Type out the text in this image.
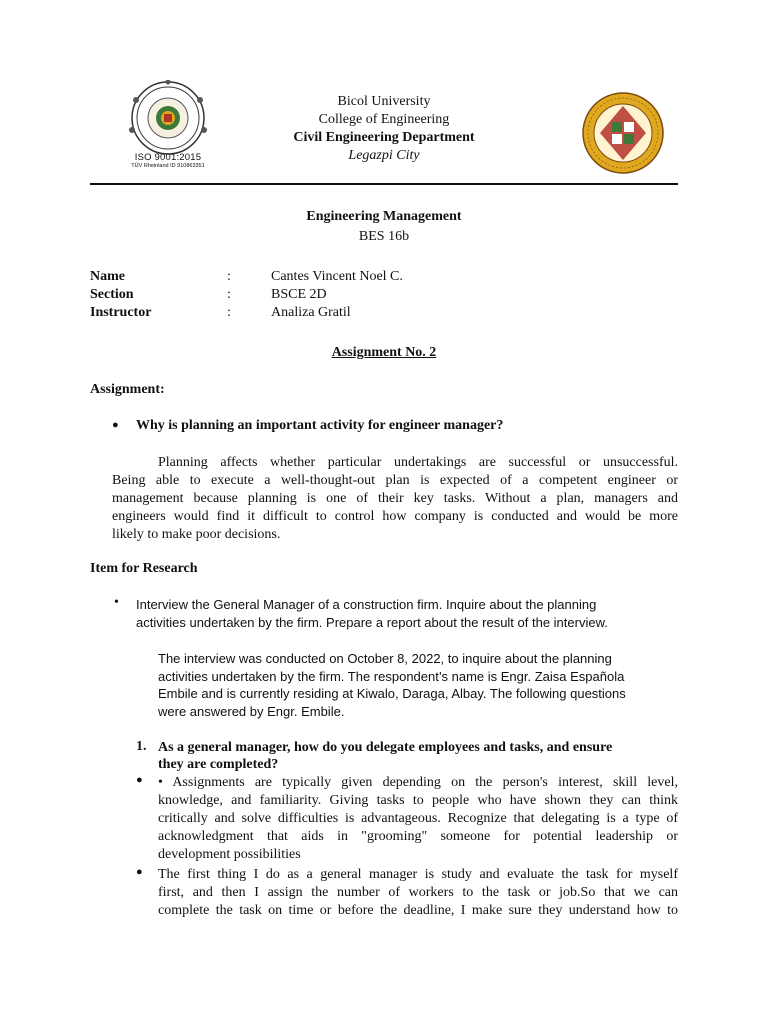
ISO 9001:2015
TÜV Rheinland ID 910863351
Bicol University
College of Engineering
Civil Engineering Department
Legazpi City
Engineering Management
BES 16b
Name	:	Cantes Vincent Noel C.
Section	:	BSCE 2D
Instructor	:	Analiza Gratil
Assignment No. 2
Assignment:
● Why is planning an important activity for engineer manager?
Planning affects whether particular undertakings are successful or unsuccessful.
Being able to execute a well-thought-out plan is expected of a competent engineer or
management because planning is one of their key tasks. Without a plan, managers and
engineers would find it difficult to control how company is conducted and would be more
likely to make poor decisions.
Item for Research
• Interview the General Manager of a construction firm. Inquire about the planning
activities undertaken by the firm. Prepare a report about the result of the interview.
The interview was conducted on October 8, 2022, to inquire about the planning
activities undertaken by the firm. The respondent’s name is Engr. Zaisa Española
Embile and is currently residing at Kiwalo, Daraga, Albay. The following questions
were answered by Engr. Embile.
1. As a general manager, how do you delegate employees and tasks, and ensure
they are completed?
● • Assignments are typically given depending on the person's interest, skill level,
knowledge, and familiarity. Giving tasks to people who have shown they can think
critically and solve difficulties is advantageous. Recognize that delegating is a type of
acknowledgment that aids in "grooming" someone for potential leadership or
development possibilities
● The first thing I do as a general manager is study and evaluate the task for myself
first, and then I assign the number of workers to the task or job.So that we can
complete the task on time or before the deadline, I make sure they understand how to
